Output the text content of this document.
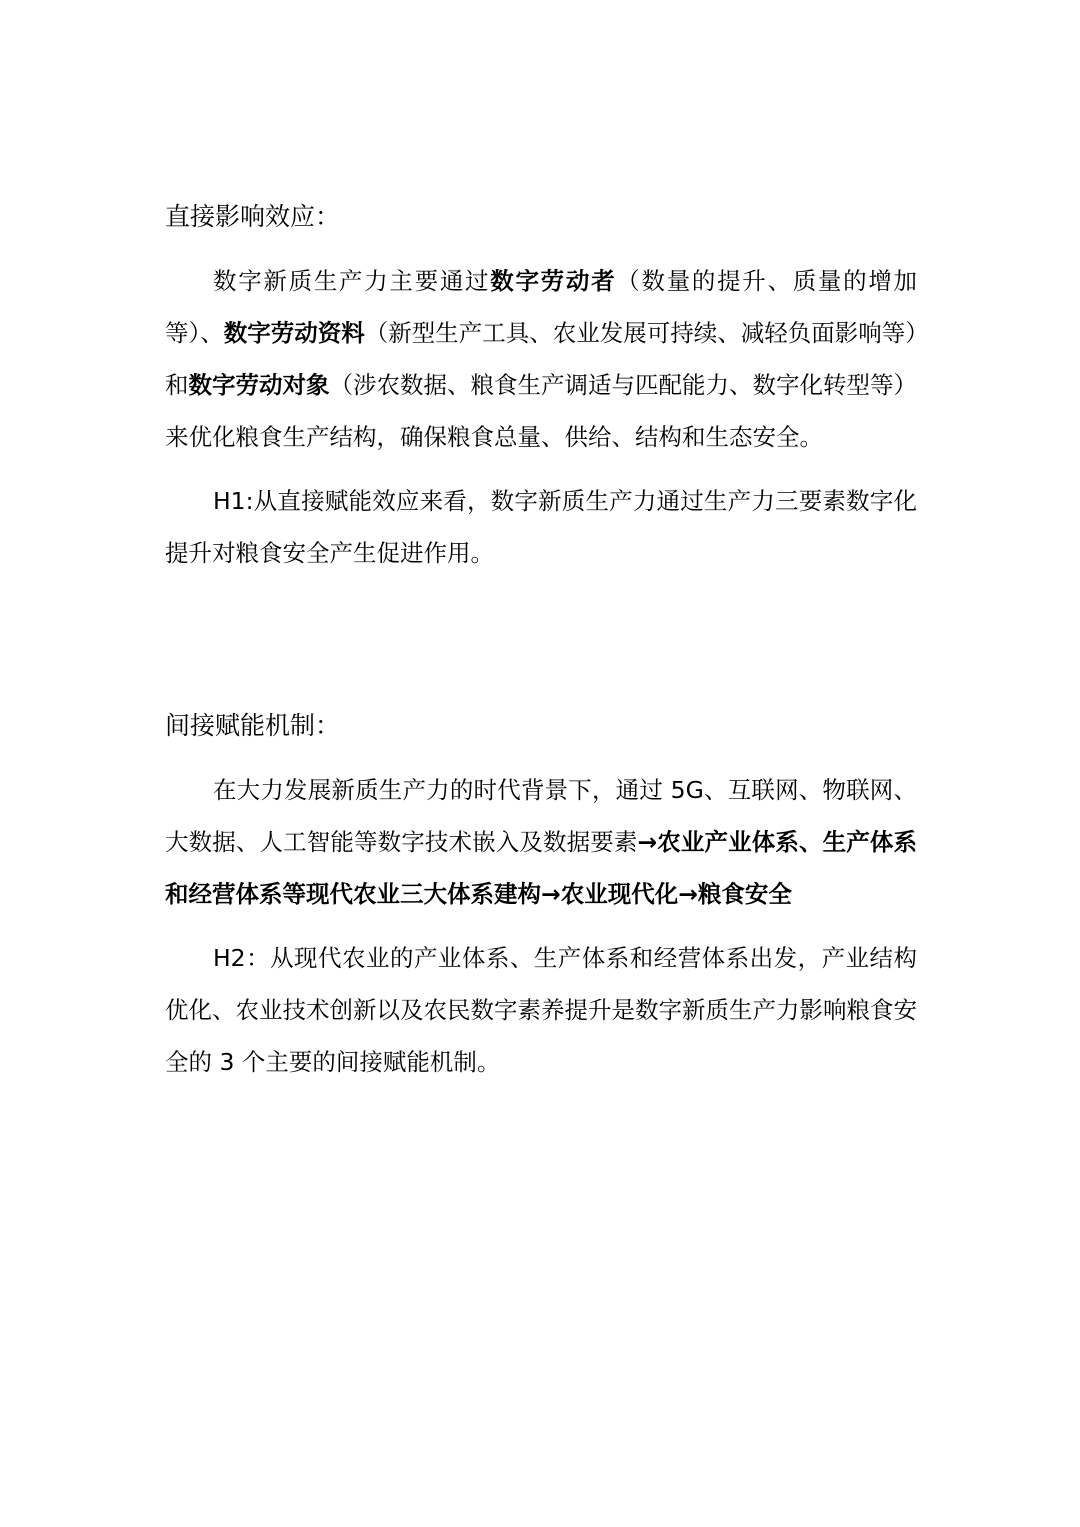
直接影响效应：

数字新质生产力主要通过数字劳动者（数量的提升、质量的增加等）、数字劳动资料（新型生产工具、农业发展可持续、减轻负面影响等）和数字劳动对象（涉农数据、粮食生产调适与匹配能力、数字化转型等）来优化粮食生产结构，确保粮食总量、供给、结构和生态安全。

H1:从直接赋能效应来看，数字新质生产力通过生产力三要素数字化提升对粮食安全产生促进作用。

间接赋能机制：

在大力发展新质生产力的时代背景下，通过 5G、互联网、物联网、大数据、人工智能等数字技术嵌入及数据要素→农业产业体系、生产体系和经营体系等现代农业三大体系建构→农业现代化→粮食安全

H2：从现代农业的产业体系、生产体系和经营体系出发，产业结构优化、农业技术创新以及农民数字素养提升是数字新质生产力影响粮食安全的 3 个主要的间接赋能机制。
